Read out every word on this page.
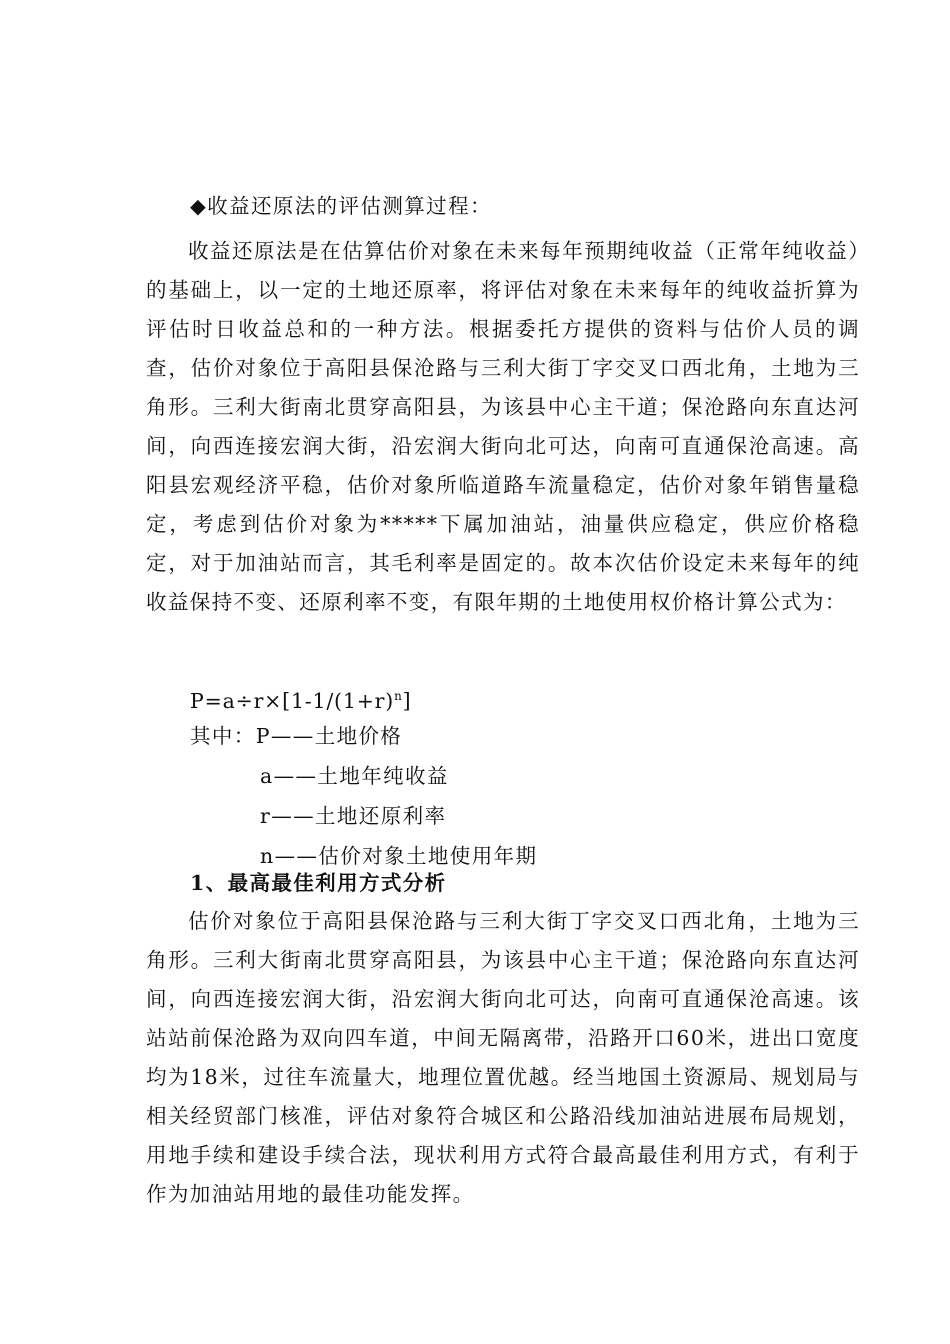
◆收益还原法的评估测算过程：

收益还原法是在估算估价对象在未来每年预期纯收益（正常年纯收益）的基础上，以一定的土地还原率，将评估对象在未来每年的纯收益折算为评估时日收益总和的一种方法。根据委托方提供的资料与估价人员的调查，估价对象位于高阳县保沧路与三利大街丁字交叉口西北角，土地为三角形。三利大街南北贯穿高阳县，为该县中心主干道；保沧路向东直达河间，向西连接宏润大街，沿宏润大街向北可达，向南可直通保沧高速。高阳县宏观经济平稳，估价对象所临道路车流量稳定，估价对象年销售量稳定，考虑到估价对象为*****下属加油站，油量供应稳定，供应价格稳定，对于加油站而言，其毛利率是固定的。故本次估价设定未来每年的纯收益保持不变、还原利率不变，有限年期的土地使用权价格计算公式为：

$P=a\div r\times[1-1/(1+r)^n]$
其中：P——土地价格
a——土地年纯收益
r——土地还原利率
n——估价对象土地使用年期
1、最高最佳利用方式分析

估价对象位于高阳县保沧路与三利大街丁字交叉口西北角，土地为三角形。三利大街南北贯穿高阳县，为该县中心主干道；保沧路向东直达河间，向西连接宏润大街，沿宏润大街向北可达，向南可直通保沧高速。该站站前保沧路为双向四车道，中间无隔离带，沿路开口60米，进出口宽度均为18米，过往车流量大，地理位置优越。经当地国土资源局、规划局与相关经贸部门核准，评估对象符合城区和公路沿线加油站进展布局规划，用地手续和建设手续合法，现状利用方式符合最高最佳利用方式，有利于作为加油站用地的最佳功能发挥。
